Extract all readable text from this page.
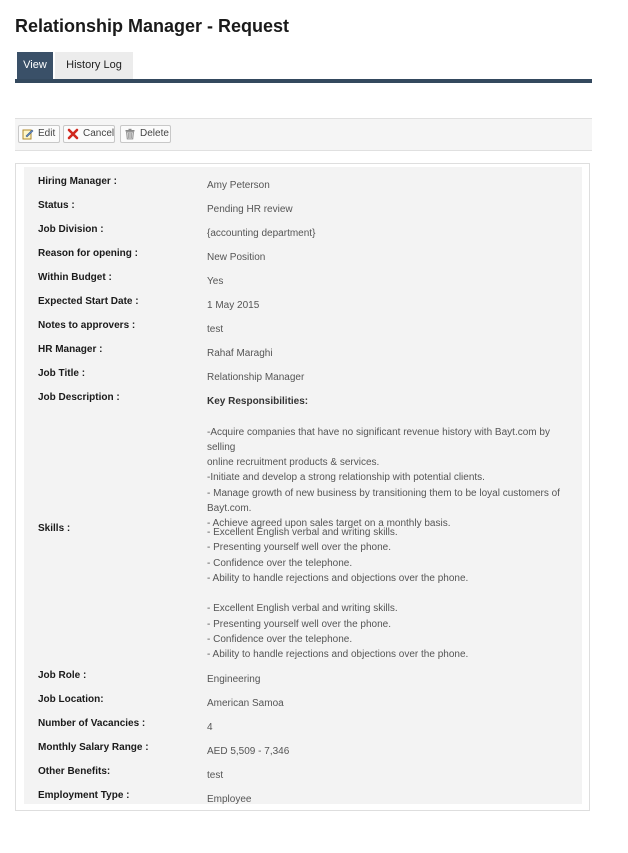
Relationship Manager - Request
View	History Log
Edit	Cancel	Delete
Hiring Manager :	Amy Peterson
Status :	Pending HR review
Job Division :	{accounting department}
Reason for opening :	New Position
Within Budget :	Yes
Expected Start Date :	1 May 2015
Notes to approvers :	test
HR Manager :	Rahaf Maraghi
Job Title :	Relationship Manager
Job Description :	Key Responsibilities:
-Acquire companies that have no significant revenue history with Bayt.com by selling
online recruitment products & services.
-Initiate and develop a strong relationship with potential clients.
- Manage growth of new business by transitioning them to be loyal customers of
Bayt.com.
- Achieve agreed upon sales target on a monthly basis.
Skills :	- Excellent English verbal and writing skills.
- Presenting yourself well over the phone.
- Confidence over the telephone.
- Ability to handle rejections and objections over the phone.
- Excellent English verbal and writing skills.
- Presenting yourself well over the phone.
- Confidence over the telephone.
- Ability to handle rejections and objections over the phone.
Job Role :	Engineering
Job Location:	American Samoa
Number of Vacancies :	4
Monthly Salary Range :	AED 5,509 - 7,346
Other Benefits:	test
Employment Type :	Employee
